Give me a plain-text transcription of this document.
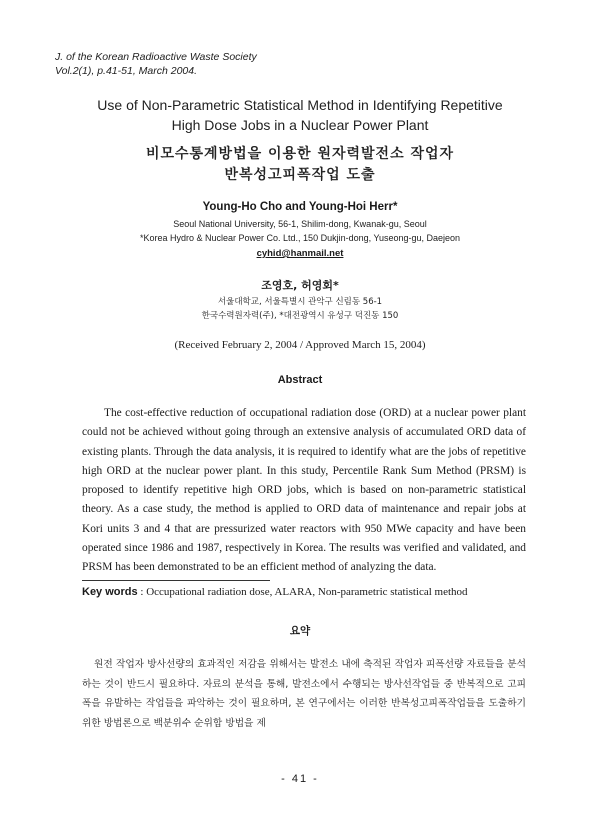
J. of the Korean Radioactive Waste Society
Vol.2(1), p.41-51, March 2004.
Use of Non-Parametric Statistical Method in Identifying Repetitive
High Dose Jobs in a Nuclear Power Plant
비모수통계방법을 이용한 원자력발전소 작업자
반복성고피폭작업 도출
Young-Ho Cho and Young-Hoi Herr*
Seoul National University, 56-1, Shilim-dong, Kwanak-gu, Seoul
*Korea Hydro & Nuclear Power Co. Ltd., 150 Dukjin-dong, Yuseong-gu, Daejeon
cyhid@hanmail.net
조영호, 허영회*
서울대학교, 서울특별시 관악구 신림동 56-1
한국수력원자력(주), *대전광역시 유성구 덕진동 150
(Received February 2, 2004 / Approved March 15, 2004)
Abstract

The cost-effective reduction of occupational radiation dose (ORD) at a nuclear power plant could not be achieved without going through an extensive analysis of accumulated ORD data of existing plants. Through the data analysis, it is required to identify what are the jobs of repetitive high ORD at the nuclear power plant. In this study, Percentile Rank Sum Method (PRSM) is proposed to identify repetitive high ORD jobs, which is based on non-parametric statistical theory. As a case study, the method is applied to ORD data of maintenance and repair jobs at Kori units 3 and 4 that are pressurized water reactors with 950 MWe capacity and have been operated since 1986 and 1987, respectively in Korea. The results was verified and validated, and PRSM has been demonstrated to be an efficient method of analyzing the data.

Key words : Occupational radiation dose, ALARA, Non-parametric statistical method
요약

원전 작업자 방사선량의 효과적인 저감을 위해서는 발전소 내에 축적된 작업자 피폭선량 자료들을 분석하는 것이 반드시 필요하다. 자료의 분석을 통해, 발전소에서 수행되는 방사선작업들 중 반복적으로 고피폭을 유발하는 작업들을 파악하는 것이 필요하며, 본 연구에서는 이러한 반복성고피폭작업들을 도출하기 위한 방법론으로 백분위수 순위합 방법을 제

- 41 -
